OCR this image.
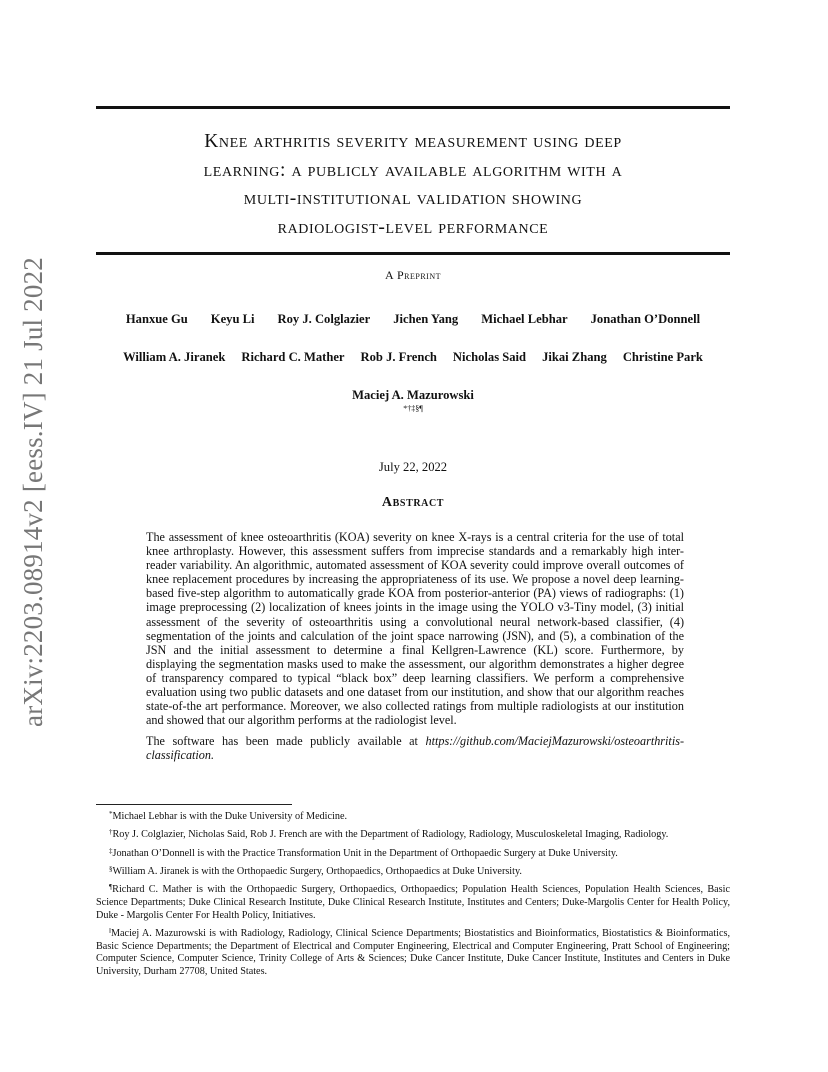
arXiv:2203.08914v2 [eess.IV] 21 Jul 2022
Knee arthritis severity measurement using deep
learning: a publicly available algorithm with a
multi-institutional validation showing
radiologist-level performance
A Preprint
Hanxue Gu Keyu Li Roy J. Colglazier Jichen Yang Michael Lebhar Jonathan O’Donnell
William A. Jiranek Richard C. Mather Rob J. French Nicholas Said Jikai Zhang Christine Park
Maciej A. Mazurowski
*†‡§¶
July 22, 2022
Abstract

The assessment of knee osteoarthritis (KOA) severity on knee X-rays is a central criteria for the use of total knee arthroplasty. However, this assessment suffers from imprecise standards and a remarkably high inter-reader variability. An algorithmic, automated assessment of KOA severity could improve overall outcomes of knee replacement procedures by increasing the appropriateness of its use. We propose a novel deep learning-based five-step algorithm to automatically grade KOA from posterior-anterior (PA) views of radiographs: (1) image preprocessing (2) localization of knees joints in the image using the YOLO v3-Tiny model, (3) initial assessment of the severity of osteoarthritis using a convolutional neural network-based classifier, (4) segmentation of the joints and calculation of the joint space narrowing (JSN), and (5), a combination of the JSN and the initial assessment to determine a final Kellgren-Lawrence (KL) score. Furthermore, by displaying the segmentation masks used to make the assessment, our algorithm demonstrates a higher degree of transparency compared to typical “black box” deep learning classifiers. We perform a comprehensive evaluation using two public datasets and one dataset from our institution, and show that our algorithm reaches state-of-the art performance. Moreover, we also collected ratings from multiple radiologists at our institution and showed that our algorithm performs at the radiologist level.

The software has been made publicly available at https://github.com/MaciejMazurowski/osteoarthritis-classification.

*Michael Lebhar is with the Duke University of Medicine.

†Roy J. Colglazier, Nicholas Said, Rob J. French are with the Department of Radiology, Radiology, Musculoskeletal Imaging, Radiology.

‡Jonathan O’Donnell is with the Practice Transformation Unit in the Department of Orthopaedic Surgery at Duke University.

§William A. Jiranek is with the Orthopaedic Surgery, Orthopaedics, Orthopaedics at Duke University.

¶Richard C. Mather is with the Orthopaedic Surgery, Orthopaedics, Orthopaedics; Population Health Sciences, Population Health Sciences, Basic Science Departments; Duke Clinical Research Institute, Duke Clinical Research Institute, Institutes and Centers; Duke-Margolis Center for Health Policy, Duke - Margolis Center For Health Policy, Initiatives.

‖Maciej A. Mazurowski is with Radiology, Radiology, Clinical Science Departments; Biostatistics and Bioinformatics, Biostatistics & Bioinformatics, Basic Science Departments; the Department of Electrical and Computer Engineering, Electrical and Computer Engineering, Pratt School of Engineering; Computer Science, Computer Science, Trinity College of Arts & Sciences; Duke Cancer Institute, Duke Cancer Institute, Institutes and Centers in Duke University, Durham 27708, United States.
